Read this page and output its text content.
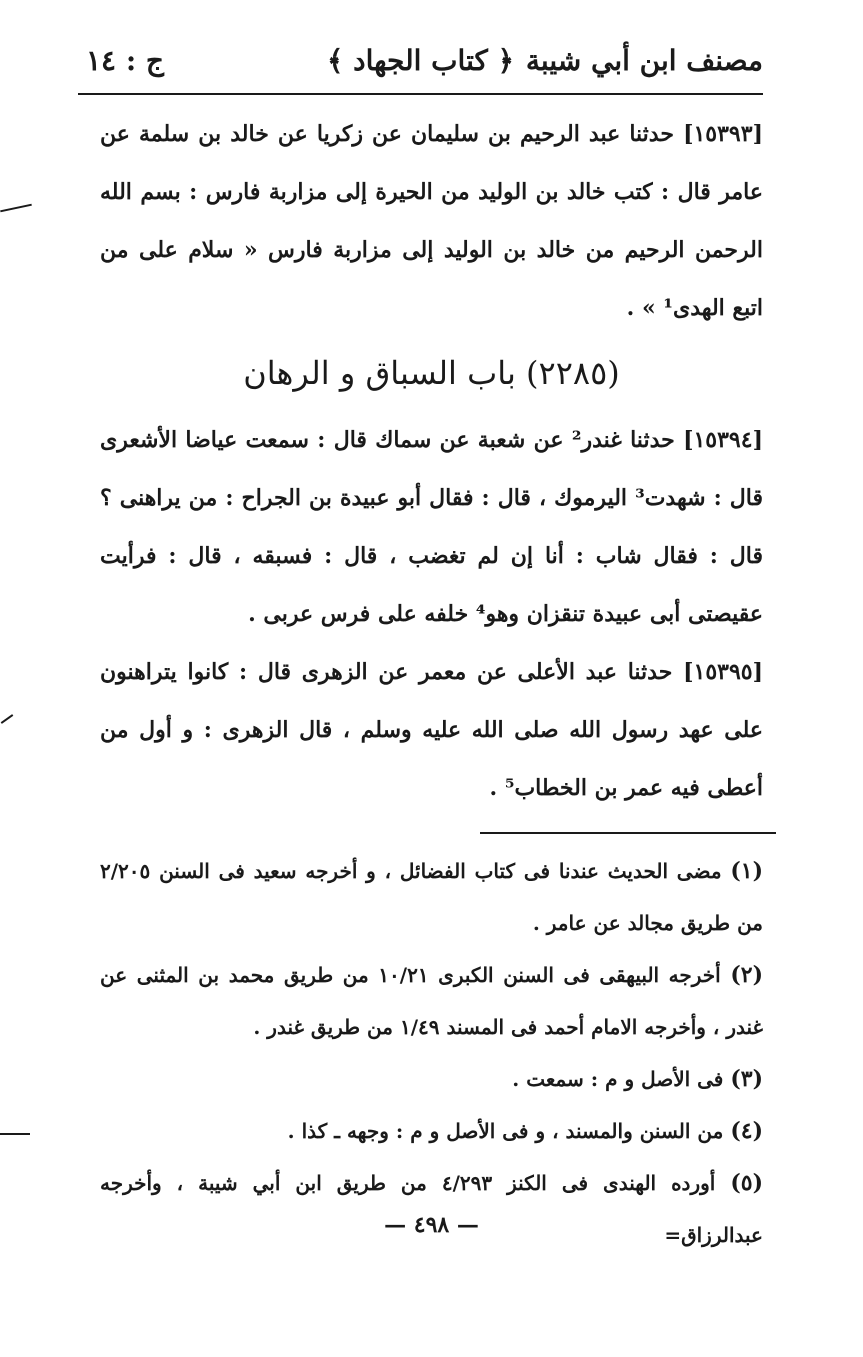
مصنف ابن أبي شيبة
﴿ كتاب الجهاد ﴾
ج : ١٤

[١٥٣٩٣] حدثنا عبد الرحيم بن سليمان عن زكريا عن خالد بن سلمة عن عامر قال : كتب خالد بن الوليد من الحيرة إلى مزاربة فارس : بسم الله الرحمن الرحيم من خالد بن الوليد إلى مزاربة فارس « سلام على من اتبع الهدى¹ » .

(٢٢٨٥) باب السباق و الرهان

[١٥٣٩٤] حدثنا غندر² عن شعبة عن سماك قال : سمعت عياضا الأشعرى قال : شهدت³ اليرموك ، قال : فقال أبو عبيدة بن الجراح : من يراهنى ؟ قال : فقال شاب : أنا إن لم تغضب ، قال : فسبقه ، قال : فرأيت عقيصتى أبى عبيدة تنقزان وهو⁴ خلفه على فرس عربى .

[١٥٣٩٥] حدثنا عبد الأعلى عن معمر عن الزهرى قال : كانوا يتراهنون على عهد رسول الله صلى الله عليه وسلم ، قال الزهرى : و أول من أعطى فيه عمر بن الخطاب⁵ .

(١) مضى الحديث عندنا فى كتاب الفضائل ، و أخرجه سعيد فى السنن ٢/٢٠٥ من طريق مجالد عن عامر .

(٢) أخرجه البيهقى فى السنن الكبرى ١٠/٢١ من طريق محمد بن المثنى عن غندر ، وأخرجه الامام أحمد فى المسند ١/٤٩ من طريق غندر .

(٣) فى الأصل و م : سمعت .

(٤) من السنن والمسند ، و فى الأصل و م : وجهه ـ كذا .

(٥) أورده الهندى فى الكنز ٤/٢٩٣ من طريق ابن أبي شيبة ، وأخرجه عبدالرزاق=

— ٤٩٨ —
